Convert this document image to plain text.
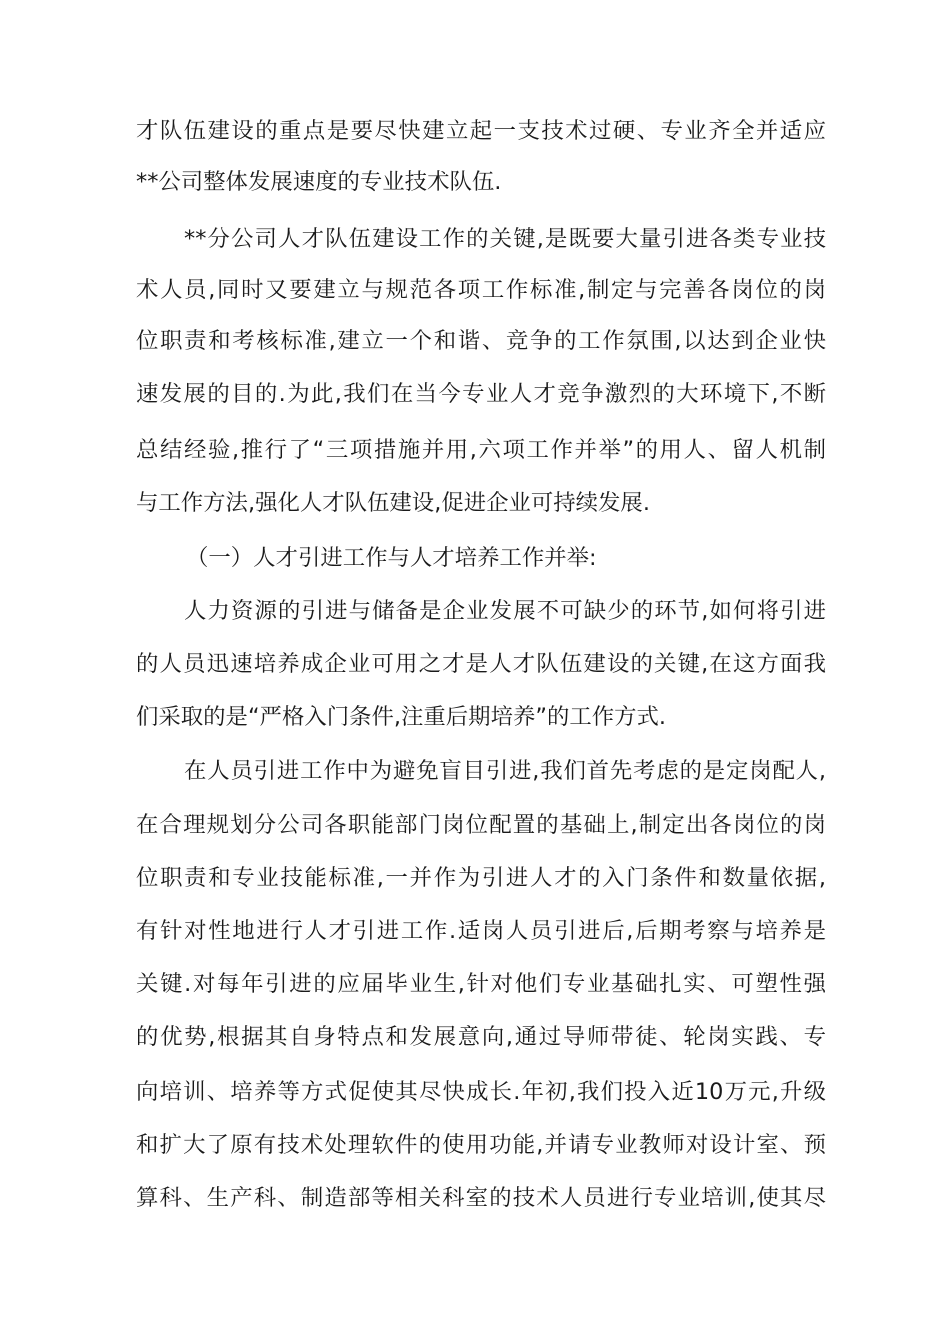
才队伍建设的重点是要尽快建立起一支技术过硬、专业齐全并适应
**公司整体发展速度的专业技术队伍.
**分公司人才队伍建设工作的关键,是既要大量引进各类专业技
术人员,同时又要建立与规范各项工作标准,制定与完善各岗位的岗
位职责和考核标准,建立一个和谐、竞争的工作氛围,以达到企业快
速发展的目的.为此,我们在当今专业人才竞争激烈的大环境下,不断
总结经验,推行了“三项措施并用,六项工作并举”的用人、留人机制
与工作方法,强化人才队伍建设,促进企业可持续发展.
（一）人才引进工作与人才培养工作并举:
人力资源的引进与储备是企业发展不可缺少的环节,如何将引进
的人员迅速培养成企业可用之才是人才队伍建设的关键,在这方面我
们采取的是“严格入门条件,注重后期培养”的工作方式.
在人员引进工作中为避免盲目引进,我们首先考虑的是定岗配人,
在合理规划分公司各职能部门岗位配置的基础上,制定出各岗位的岗
位职责和专业技能标准,一并作为引进人才的入门条件和数量依据,
有针对性地进行人才引进工作.适岗人员引进后,后期考察与培养是
关键.对每年引进的应届毕业生,针对他们专业基础扎实、可塑性强
的优势,根据其自身特点和发展意向,通过导师带徒、轮岗实践、专
向培训、培养等方式促使其尽快成长.年初,我们投入近10万元,升级
和扩大了原有技术处理软件的使用功能,并请专业教师对设计室、预
算科、生产科、制造部等相关科室的技术人员进行专业培训,使其尽
